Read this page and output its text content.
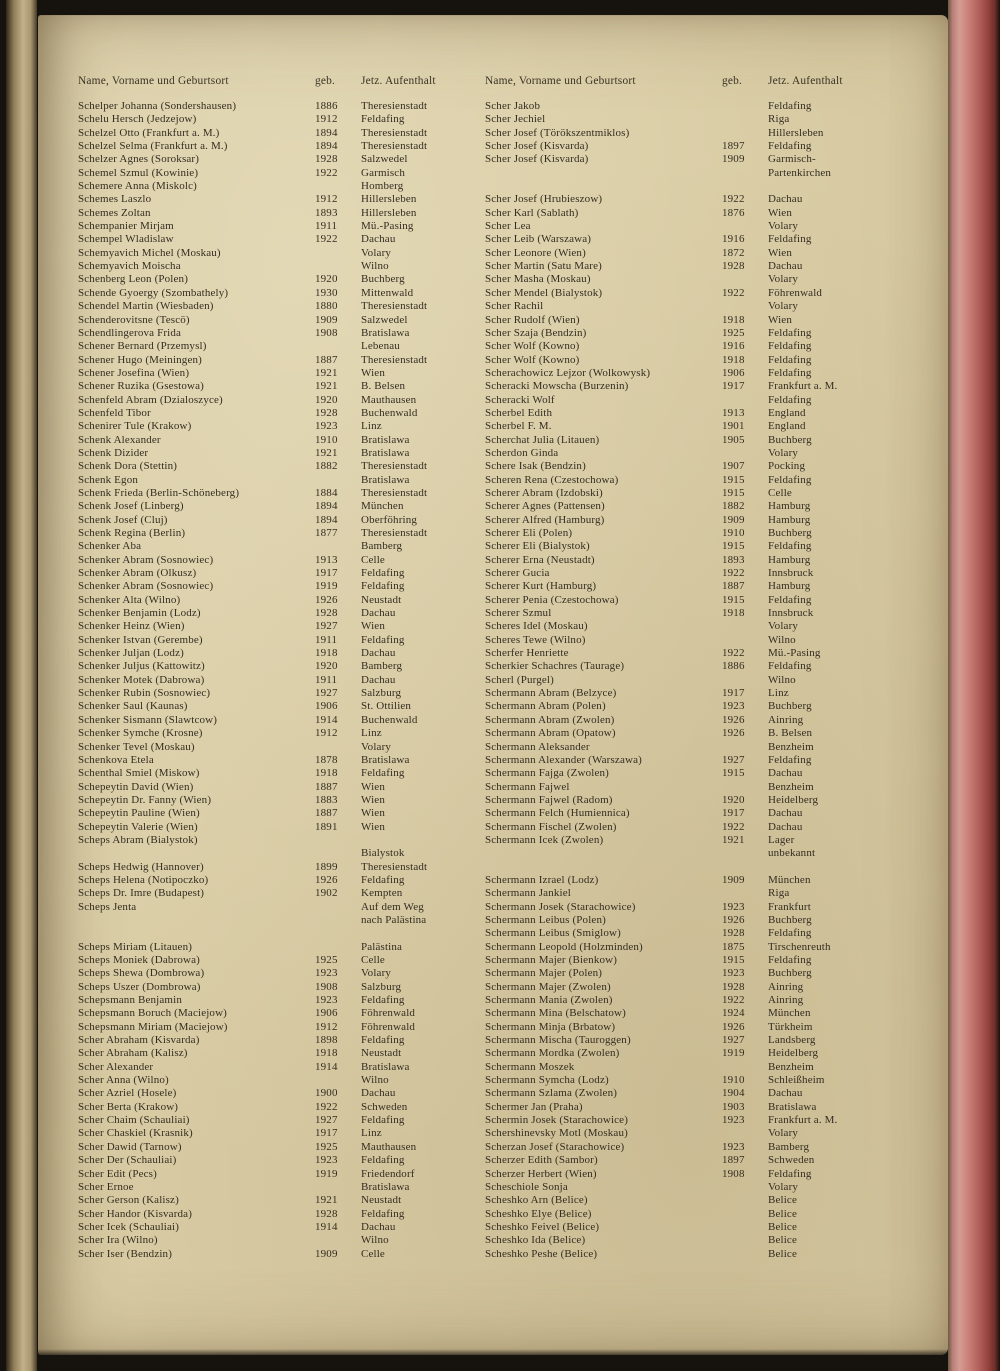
Name, Vorname und Geburtsort	geb.	Jetz. Aufenthalt
Schelper Johanna (Sondershausen)	1886	Theresienstadt
Schelu Hersch (Jedzejow)	1912	Feldafing
Schelzel Otto (Frankfurt a. M.)	1894	Theresienstadt
Schelzel Selma (Frankfurt a. M.)	1894	Theresienstadt
Schelzer Agnes (Soroksar)	1928	Salzwedel
Schemel Szmul (Kowinie)	1922	Garmisch
Schemere Anna (Miskolc)	Homberg
Schemes Laszlo	1912	Hillersleben
Schemes Zoltan	1893	Hillersleben
Schempanier Mirjam	1911	Mü.-Pasing
Schempel Wladislaw	1922	Dachau
Schemyavich Michel (Moskau)	Volary
Schemyavich Moischa	Wilno
Schenberg Leon (Polen)	1920	Buchberg
Schende Gyoergy (Szombathely)	1930	Mittenwald
Schendel Martin (Wiesbaden)	1880	Theresienstadt
Schenderovitsne (Tescö)	1909	Salzwedel
Schendlingerova Frida	1908	Bratislawa
Schener Bernard (Przemysl)	Lebenau
Schener Hugo (Meiningen)	1887	Theresienstadt
Schener Josefina (Wien)	1921	Wien
Schener Ruzika (Gsestowa)	1921	B. Belsen
Schenfeld Abram (Dzialoszyce)	1920	Mauthausen
Schenfeld Tibor	1928	Buchenwald
Schenirer Tule (Krakow)	1923	Linz
Schenk Alexander	1910	Bratislawa
Schenk Dizider	1921	Bratislawa
Schenk Dora (Stettin)	1882	Theresienstadt
Schenk Egon	Bratislawa
Schenk Frieda (Berlin-Schöneberg)	1884	Theresienstadt
Schenk Josef (Linberg)	1894	München
Schenk Josef (Cluj)	1894	Oberföhring
Schenk Regina (Berlin)	1877	Theresienstadt
Schenker Aba	Bamberg
Schenker Abram (Sosnowiec)	1913	Celle
Schenker Abram (Olkusz)	1917	Feldafing
Schenker Abram (Sosnowiec)	1919	Feldafing
Schenker Alta (Wilno)	1926	Neustadt
Schenker Benjamin (Lodz)	1928	Dachau
Schenker Heinz (Wien)	1927	Wien
Schenker Istvan (Gerembe)	1911	Feldafing
Schenker Juljan (Lodz)	1918	Dachau
Schenker Juljus (Kattowitz)	1920	Bamberg
Schenker Motek (Dabrowa)	1911	Dachau
Schenker Rubin (Sosnowiec)	1927	Salzburg
Schenker Saul (Kaunas)	1906	St. Ottilien
Schenker Sismann (Slawtcow)	1914	Buchenwald
Schenker Symche (Krosne)	1912	Linz
Schenker Tevel (Moskau)	Volary
Schenkova Etela	1878	Bratislawa
Schenthal Smiel (Miskow)	1918	Feldafing
Schepeytin David (Wien)	1887	Wien
Schepeytin Dr. Fanny (Wien)	1883	Wien
Schepeytin Pauline (Wien)	1887	Wien
Schepeytin Valerie (Wien)	1891	Wien
Scheps Abram (Bialystok)
Bialystok
Scheps Hedwig (Hannover)	1899	Theresienstadt
Scheps Helena (Notipoczko)	1926	Feldafing
Scheps Dr. Imre (Budapest)	1902	Kempten
Scheps Jenta	Auf dem Weg
nach Palästina
Scheps Miriam (Litauen)	Palästina
Scheps Moniek (Dabrowa)	1925	Celle
Scheps Shewa (Dombrowa)	1923	Volary
Scheps Uszer (Dombrowa)	1908	Salzburg
Schepsmann Benjamin	1923	Feldafing
Schepsmann Boruch (Maciejow)	1906	Föhrenwald
Schepsmann Miriam (Maciejow)	1912	Föhrenwald
Scher Abraham (Kisvarda)	1898	Feldafing
Scher Abraham (Kalisz)	1918	Neustadt
Scher Alexander	1914	Bratislawa
Scher Anna (Wilno)	Wilno
Scher Azriel (Hosele)	1900	Dachau
Scher Berta (Krakow)	1922	Schweden
Scher Chaim (Schauliai)	1927	Feldafing
Scher Chaskiel (Krasnik)	1917	Linz
Scher Dawid (Tarnow)	1925	Mauthausen
Scher Der (Schauliai)	1923	Feldafing
Scher Edit (Pecs)	1919	Friedendorf
Scher Ernoe	Bratislawa
Scher Gerson (Kalisz)	1921	Neustadt
Scher Handor (Kisvarda)	1928	Feldafing
Scher Icek (Schauliai)	1914	Dachau
Scher Ira (Wilno)	Wilno
Scher Iser (Bendzin)	1909	Celle
Name, Vorname und Geburtsort	geb.	Jetz. Aufenthalt
Scher Jakob	Feldafing
Scher Jechiel	Riga
Scher Josef (Törökszentmiklos)	Hillersleben
Scher Josef (Kisvarda)	1897	Feldafing
Scher Josef (Kisvarda)	1909	Garmisch-
Partenkirchen
Scher Josef (Hrubieszow)	1922	Dachau
Scher Karl (Sablath)	1876	Wien
Scher Lea	Volary
Scher Leib (Warszawa)	1916	Feldafing
Scher Leonore (Wien)	1872	Wien
Scher Martin (Satu Mare)	1928	Dachau
Scher Masha (Moskau)	Volary
Scher Mendel (Bialystok)	1922	Föhrenwald
Scher Rachil	Volary
Scher Rudolf (Wien)	1918	Wien
Scher Szaja (Bendzin)	1925	Feldafing
Scher Wolf (Kowno)	1916	Feldafing
Scher Wolf (Kowno)	1918	Feldafing
Scherachowicz Lejzor (Wolkowysk)	1906	Feldafing
Scheracki Mowscha (Burzenin)	1917	Frankfurt a. M.
Scheracki Wolf	Feldafing
Scherbel Edith	1913	England
Scherbel F. M.	1901	England
Scherchat Julia (Litauen)	1905	Buchberg
Scherdon Ginda	Volary
Schere Isak (Bendzin)	1907	Pocking
Scheren Rena (Czestochowa)	1915	Feldafing
Scherer Abram (Izdobski)	1915	Celle
Scherer Agnes (Pattensen)	1882	Hamburg
Scherer Alfred (Hamburg)	1909	Hamburg
Scherer Eli (Polen)	1910	Buchberg
Scherer Eli (Bialystok)	1915	Feldafing
Scherer Erna (Neustadt)	1893	Hamburg
Scherer Gucia	1922	Innsbruck
Scherer Kurt (Hamburg)	1887	Hamburg
Scherer Penia (Czestochowa)	1915	Feldafing
Scherer Szmul	1918	Innsbruck
Scheres Idel (Moskau)	Volary
Scheres Tewe (Wilno)	Wilno
Scherfer Henriette	1922	Mü.-Pasing
Scherkier Schachres (Taurage)	1886	Feldafing
Scherl (Purgel)	Wilno
Schermann Abram (Belzyce)	1917	Linz
Schermann Abram (Polen)	1923	Buchberg
Schermann Abram (Zwolen)	1926	Ainring
Schermann Abram (Opatow)	1926	B. Belsen
Schermann Aleksander	Benzheim
Schermann Alexander (Warszawa)	1927	Feldafing
Schermann Fajga (Zwolen)	1915	Dachau
Schermann Fajwel	Benzheim
Schermann Fajwel (Radom)	1920	Heidelberg
Schermann Felch (Humiennica)	1917	Dachau
Schermann Fischel (Zwolen)	1922	Dachau
Schermann Icek (Zwolen)	1921	Lager
unbekannt
Schermann Izrael (Lodz)	1909	München
Schermann Jankiel	Riga
Schermann Josek (Starachowice)	1923	Frankfurt
Schermann Leibus (Polen)	1926	Buchberg
Schermann Leibus (Smiglow)	1928	Feldafing
Schermann Leopold (Holzminden)	1875	Tirschenreuth
Schermann Majer (Bienkow)	1915	Feldafing
Schermann Majer (Polen)	1923	Buchberg
Schermann Majer (Zwolen)	1928	Ainring
Schermann Mania (Zwolen)	1922	Ainring
Schermann Mina (Belschatow)	1924	München
Schermann Minja (Brbatow)	1926	Türkheim
Schermann Mischa (Tauroggen)	1927	Landsberg
Schermann Mordka (Zwolen)	1919	Heidelberg
Schermann Moszek	Benzheim
Schermann Symcha (Lodz)	1910	Schleißheim
Schermann Szlama (Zwolen)	1904	Dachau
Schermer Jan (Praha)	1903	Bratislawa
Schermin Josek (Starachowice)	1923	Frankfurt a. M.
Schershinevsky Motl (Moskau)	Volary
Scherzan Josef (Starachowice)	1923	Bamberg
Scherzer Edith (Sambor)	1897	Schweden
Scherzer Herbert (Wien)	1908	Feldafing
Scheschiole Sonja	Volary
Scheshko Arn (Belice)	Belice
Scheshko Elye (Belice)	Belice
Scheshko Feivel (Belice)	Belice
Scheshko Ida (Belice)	Belice
Scheshko Peshe (Belice)	Belice
